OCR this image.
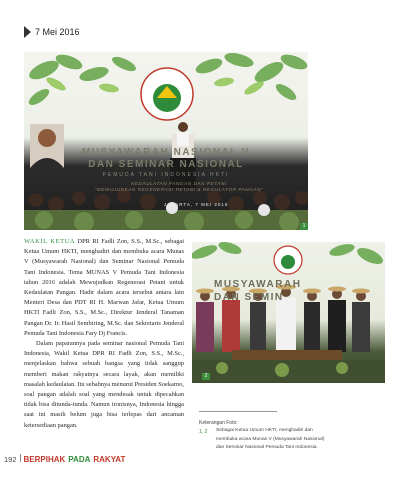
7 Mei 2016
MUSYAWARAH NASIONAL V
DAN SEMINAR NASIONAL
PEMUDA TANI INDONESIA HKTI
KEDAULATAN PANGAN DAN PETANI
"MEWUJUDKAN REGENERASI PETANI & REGULATOR PANGAN"
JAKARTA, 7 MEI 2016
1

WAKIL KETUA DPR RI Fadli Zon, S.S., M.Sc., sebagai Ketua Umum HKTI, menghadiri dan membuka acara Munas V (Musyawarah Nasional) dan Seminar Nasional Pemuda Tani Indonesia. Tema MUNAS V Pemuda Tani Indonesia tahun 2016 adalah Mewujudkan Regenerasi Petani untuk Kedaulatan Pangan. Hadir dalam acara tersebut antara lain Menteri Desa dan PDT RI H. Marwan Jafar, Ketua Umum HKTI Fadli Zon, S.S., M.Sc., Direktur Jenderal Tanaman Pangan Dr. Ir. Hasil Sembiring, M.Sc. dan Sekretaris Jenderal Pemuda Tani Indonesia Fary Dj Francis.

Dalam paparannya pada seminar nasional Pemuda Tani Indonesia, Wakil Ketua DPR RI Fadli Zon, S.S., M.Sc., menjelaskan bahwa sebuah bangsa yang tidak sanggup memberi makan rakyatnya secara layak, akan memiliki masalah kedaulatan. Itu sebabnya menurut Presiden Soekarno, soal pangan adalah soal yang mendesak untuk dipecahkan tidak bisa ditunda-tunda. Namun ironisnya, Indonesia hingga saat ini masih belum juga bisa terlepas dari ancaman ketersediaan pangan.

MUSYAWARAH
DAN SEMIN
2
Keterangan Foto:
1, 2 Sebagai Ketua Umum HKTI, menghadiri dan membuka acara Munas V (Musyawarah Nasional) dan Seminar Nasional Pemuda Tani Indonesia.
192 BERPIHAK PADA RAKYAT
